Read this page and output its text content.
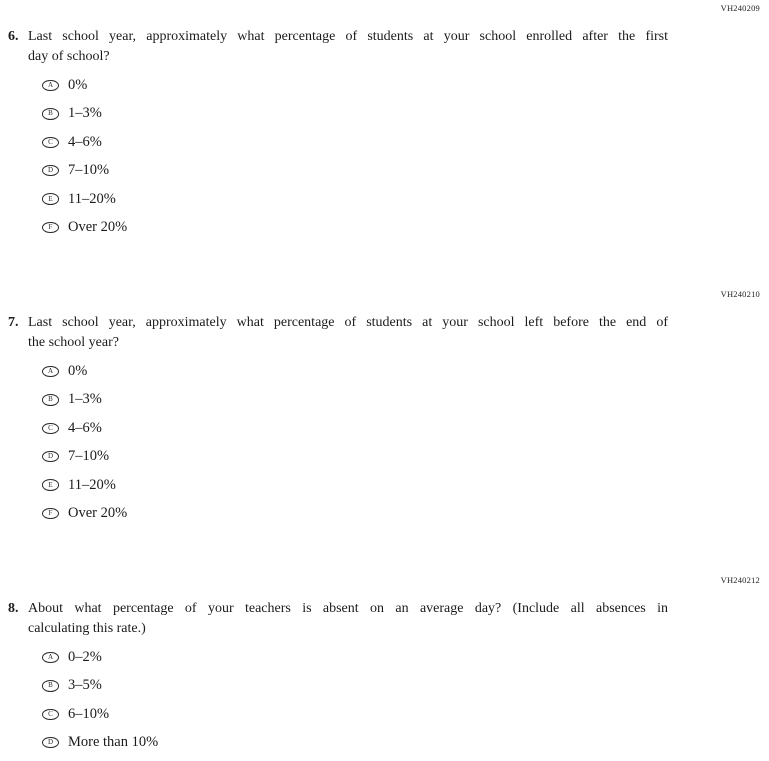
VH240209
6. Last school year, approximately what percentage of students at your school enrolled after the first
day of school?
A 0%
B 1–3%
C 4–6%
D 7–10%
E 11–20%
F Over 20%
VH240210
7. Last school year, approximately what percentage of students at your school left before the end of
the school year?
A 0%
B 1–3%
C 4–6%
D 7–10%
E 11–20%
F Over 20%
VH240212
8. About what percentage of your teachers is absent on an average day? (Include all absences in
calculating this rate.)
A 0–2%
B 3–5%
C 6–10%
D More than 10%
